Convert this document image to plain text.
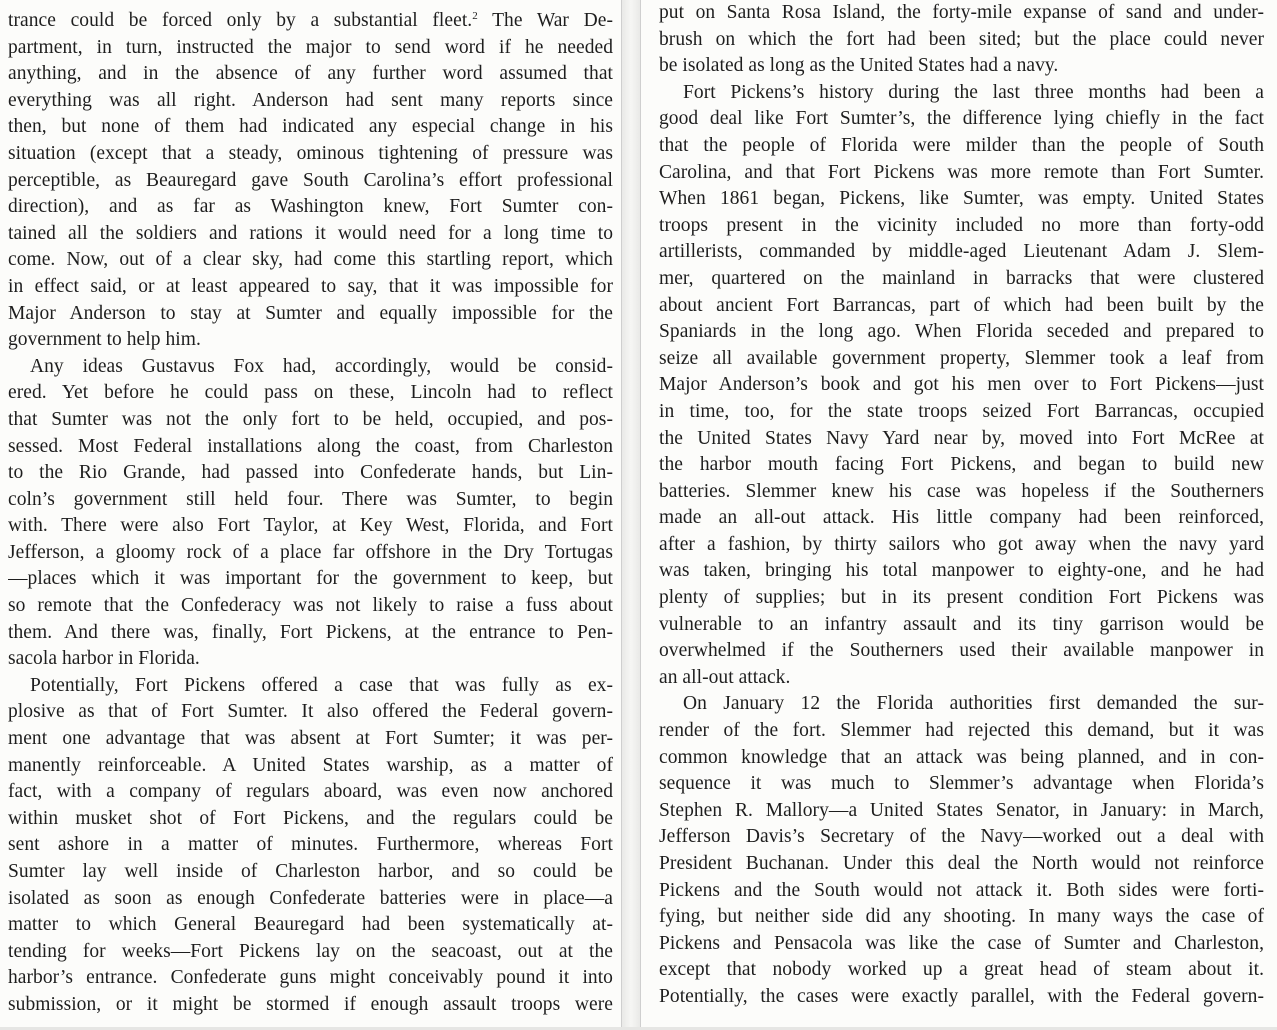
trance could be forced only by a substantial fleet.$^2$ The War De-
partment, in turn, instructed the major to send word if he needed
anything, and in the absence of any further word assumed that
everything was all right. Anderson had sent many reports since
then, but none of them had indicated any especial change in his
situation (except that a steady, ominous tightening of pressure was
perceptible, as Beauregard gave South Carolina’s effort professional
direction), and as far as Washington knew, Fort Sumter con-
tained all the soldiers and rations it would need for a long time to
come. Now, out of a clear sky, had come this startling report, which
in effect said, or at least appeared to say, that it was impossible for
Major Anderson to stay at Sumter and equally impossible for the
government to help him.
Any ideas Gustavus Fox had, accordingly, would be consid-
ered. Yet before he could pass on these, Lincoln had to reflect
that Sumter was not the only fort to be held, occupied, and pos-
sessed. Most Federal installations along the coast, from Charleston
to the Rio Grande, had passed into Confederate hands, but Lin-
coln’s government still held four. There was Sumter, to begin
with. There were also Fort Taylor, at Key West, Florida, and Fort
Jefferson, a gloomy rock of a place far offshore in the Dry Tortugas
—places which it was important for the government to keep, but
so remote that the Confederacy was not likely to raise a fuss about
them. And there was, finally, Fort Pickens, at the entrance to Pen-
sacola harbor in Florida.
Potentially, Fort Pickens offered a case that was fully as ex-
plosive as that of Fort Sumter. It also offered the Federal govern-
ment one advantage that was absent at Fort Sumter; it was per-
manently reinforceable. A United States warship, as a matter of
fact, with a company of regulars aboard, was even now anchored
within musket shot of Fort Pickens, and the regulars could be
sent ashore in a matter of minutes. Furthermore, whereas Fort
Sumter lay well inside of Charleston harbor, and so could be
isolated as soon as enough Confederate batteries were in place—a
matter to which General Beauregard had been systematically at-
tending for weeks—Fort Pickens lay on the seacoast, out at the
harbor’s entrance. Confederate guns might conceivably pound it into
submission, or it might be stormed if enough assault troops were
put on Santa Rosa Island, the forty-mile expanse of sand and under-
brush on which the fort had been sited; but the place could never
be isolated as long as the United States had a navy.
Fort Pickens’s history during the last three months had been a
good deal like Fort Sumter’s, the difference lying chiefly in the fact
that the people of Florida were milder than the people of South
Carolina, and that Fort Pickens was more remote than Fort Sumter.
When 1861 began, Pickens, like Sumter, was empty. United States
troops present in the vicinity included no more than forty-odd
artillerists, commanded by middle-aged Lieutenant Adam J. Slem-
mer, quartered on the mainland in barracks that were clustered
about ancient Fort Barrancas, part of which had been built by the
Spaniards in the long ago. When Florida seceded and prepared to
seize all available government property, Slemmer took a leaf from
Major Anderson’s book and got his men over to Fort Pickens—just
in time, too, for the state troops seized Fort Barrancas, occupied
the United States Navy Yard near by, moved into Fort McRee at
the harbor mouth facing Fort Pickens, and began to build new
batteries. Slemmer knew his case was hopeless if the Southerners
made an all-out attack. His little company had been reinforced,
after a fashion, by thirty sailors who got away when the navy yard
was taken, bringing his total manpower to eighty-one, and he had
plenty of supplies; but in its present condition Fort Pickens was
vulnerable to an infantry assault and its tiny garrison would be
overwhelmed if the Southerners used their available manpower in
an all-out attack.
On January 12 the Florida authorities first demanded the sur-
render of the fort. Slemmer had rejected this demand, but it was
common knowledge that an attack was being planned, and in con-
sequence it was much to Slemmer’s advantage when Florida’s
Stephen R. Mallory—a United States Senator, in January: in March,
Jefferson Davis’s Secretary of the Navy—worked out a deal with
President Buchanan. Under this deal the North would not reinforce
Pickens and the South would not attack it. Both sides were forti-
fying, but neither side did any shooting. In many ways the case of
Pickens and Pensacola was like the case of Sumter and Charleston,
except that nobody worked up a great head of steam about it.
Potentially, the cases were exactly parallel, with the Federal govern-
